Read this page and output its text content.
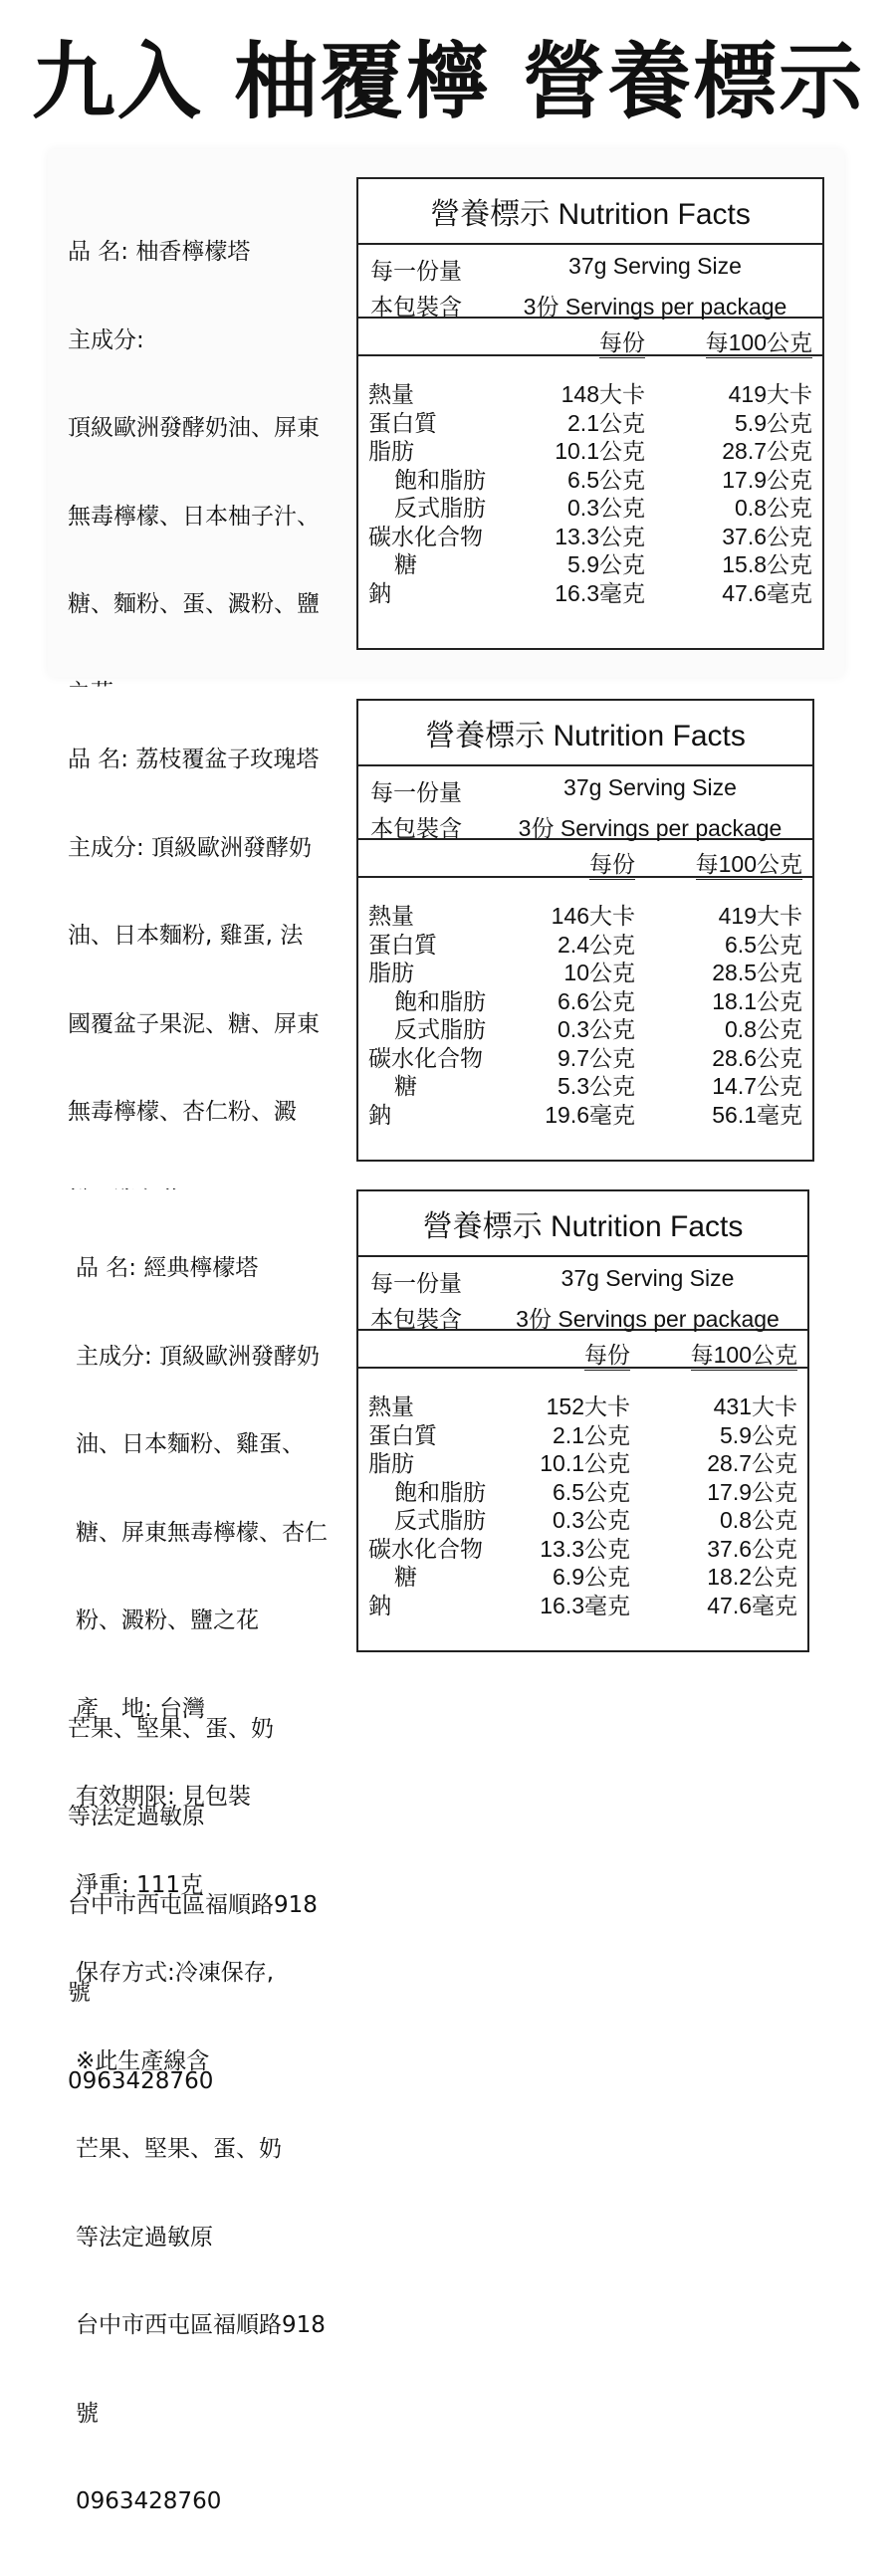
九入 柚覆檸 營養標示

品 名: 柚香檸檬塔

主成分:

頂級歐洲發酵奶油、屏東

無毒檸檬、日本柚子汁、

糖、麵粉、蛋、澱粉、鹽

營養標示 Nutrition Facts
每一份量	37g Serving Size
本包裝含	3份 Servings per package
每份	每100公克
熱量	148大卡	419大卡
蛋白質	2.1公克	5.9公克
脂肪	10.1公克	28.7公克
飽和脂肪	6.5公克	17.9公克
反式脂肪	0.3公克	0.8公克
碳水化合物	13.3公克	37.6公克
糖	5.9公克	15.8公克
鈉	16.3毫克	47.6毫克

品 名: 荔枝覆盆子玫瑰塔

主成分: 頂級歐洲發酵奶

油、日本麵粉, 雞蛋, 法

國覆盆子果泥、糖、屏東

無毒檸檬、杏仁粉、澱

芒果、堅果、蛋、奶

等法定過敏原

台中市西屯區福順路918

號

0963428760

營養標示 Nutrition Facts
每一份量	37g Serving Size
本包裝含	3份 Servings per package
每份	每100公克
熱量	146大卡	419大卡
蛋白質	2.4公克	6.5公克
脂肪	10公克	28.5公克
飽和脂肪	6.6公克	18.1公克
反式脂肪	0.3公克	0.8公克
碳水化合物	9.7公克	28.6公克
糖	5.3公克	14.7公克
鈉	19.6毫克	56.1毫克

品 名: 經典檸檬塔

主成分: 頂級歐洲發酵奶

油、日本麵粉、雞蛋、

糖、屏東無毒檸檬、杏仁

粉、澱粉、鹽之花

產　地: 台灣

有效期限: 見包裝

淨重: 111克

保存方式:冷凍保存,

※此生產線含

芒果、堅果、蛋、奶

等法定過敏原

台中市西屯區福順路918

號

0963428760

營養標示 Nutrition Facts
每一份量	37g Serving Size
本包裝含	3份 Servings per package
每份	每100公克
熱量	152大卡	431大卡
蛋白質	2.1公克	5.9公克
脂肪	10.1公克	28.7公克
飽和脂肪	6.5公克	17.9公克
反式脂肪	0.3公克	0.8公克
碳水化合物 13.3公克	37.6公克
糖	6.9公克	18.2公克
鈉	16.3毫克	47.6毫克
